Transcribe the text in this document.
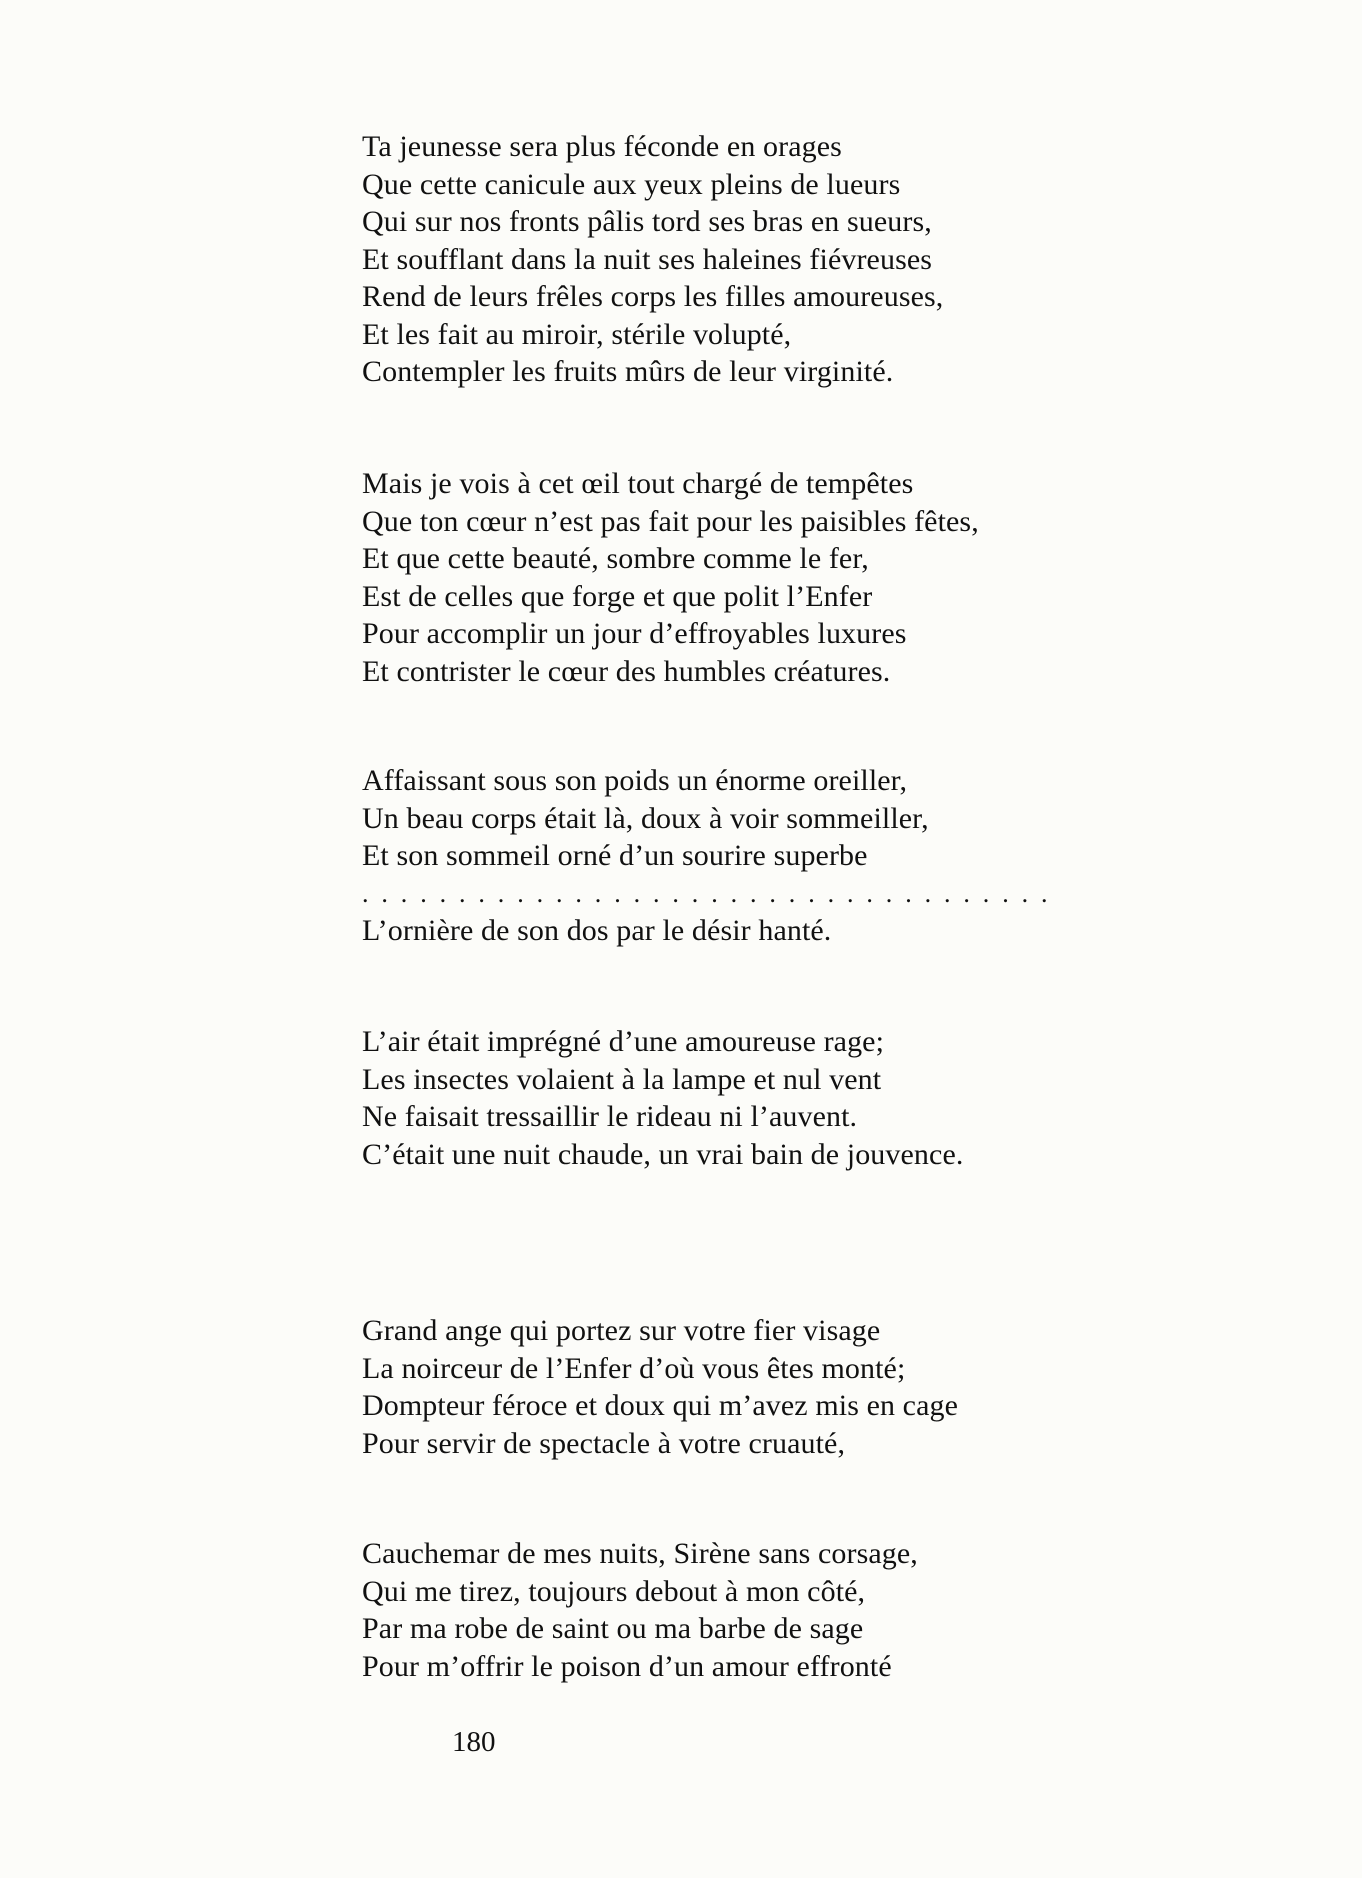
Ta jeunesse sera plus féconde en orages
Que cette canicule aux yeux pleins de lueurs
Qui sur nos fronts pâlis tord ses bras en sueurs,
Et soufflant dans la nuit ses haleines fiévreuses
Rend de leurs frêles corps les filles amoureuses,
Et les fait au miroir, stérile volupté,
Contempler les fruits mûrs de leur virginité.
Mais je vois à cet œil tout chargé de tempêtes
Que ton cœur n’est pas fait pour les paisibles fêtes,
Et que cette beauté, sombre comme le fer,
Est de celles que forge et que polit l’Enfer
Pour accomplir un jour d’effroyables luxures
Et contrister le cœur des humbles créatures.
Affaissant sous son poids un énorme oreiller,
Un beau corps était là, doux à voir sommeiller,
Et son sommeil orné d’un sourire superbe
. . . . . . . . . . . . . . . . . . . . . . . . . . . . . . . . . . . .
L’ornière de son dos par le désir hanté.
L’air était imprégné d’une amoureuse rage;
Les insectes volaient à la lampe et nul vent
Ne faisait tressaillir le rideau ni l’auvent.
C’était une nuit chaude, un vrai bain de jouvence.
Grand ange qui portez sur votre fier visage
La noirceur de l’Enfer d’où vous êtes monté;
Dompteur féroce et doux qui m’avez mis en cage
Pour servir de spectacle à votre cruauté,
Cauchemar de mes nuits, Sirène sans corsage,
Qui me tirez, toujours debout à mon côté,
Par ma robe de saint ou ma barbe de sage
Pour m’offrir le poison d’un amour effronté
180
